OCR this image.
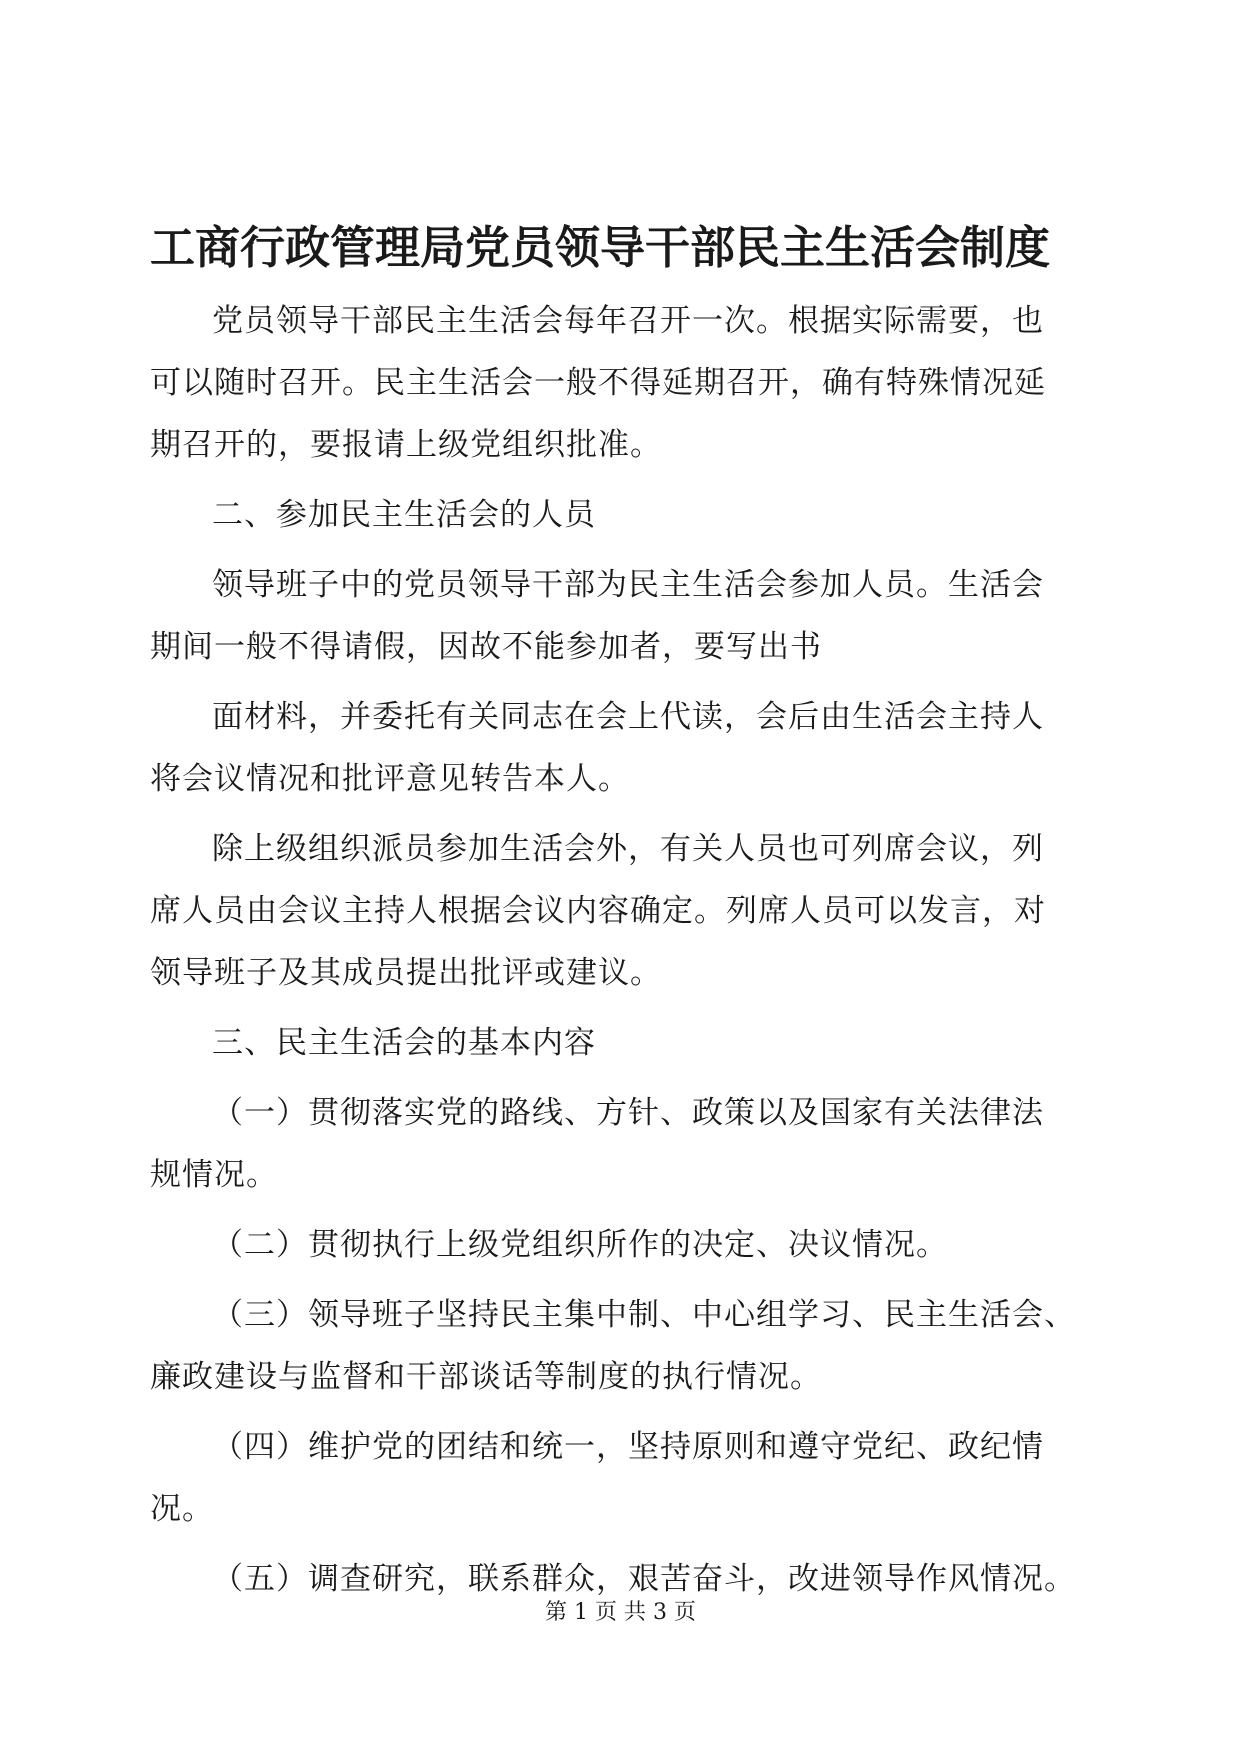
工商行政管理局党员领导干部民主生活会制度

党员领导干部民主生活会每年召开一次。根据实际需要，也
可以随时召开。民主生活会一般不得延期召开，确有特殊情况延
期召开的，要报请上级党组织批准。

二、参加民主生活会的人员

领导班子中的党员领导干部为民主生活会参加人员。生活会
期间一般不得请假，因故不能参加者，要写出书

面材料，并委托有关同志在会上代读，会后由生活会主持人
将会议情况和批评意见转告本人。

除上级组织派员参加生活会外，有关人员也可列席会议，列
席人员由会议主持人根据会议内容确定。列席人员可以发言，对
领导班子及其成员提出批评或建议。

三、民主生活会的基本内容

（一）贯彻落实党的路线、方针、政策以及国家有关法律法
规情况。

（二）贯彻执行上级党组织所作的决定、决议情况。

（三）领导班子坚持民主集中制、中心组学习、民主生活会、
廉政建设与监督和干部谈话等制度的执行情况。

（四）维护党的团结和统一，坚持原则和遵守党纪、政纪情
况。

（五）调查研究，联系群众，艰苦奋斗，改进领导作风情况。

第 1 页 共 3 页
